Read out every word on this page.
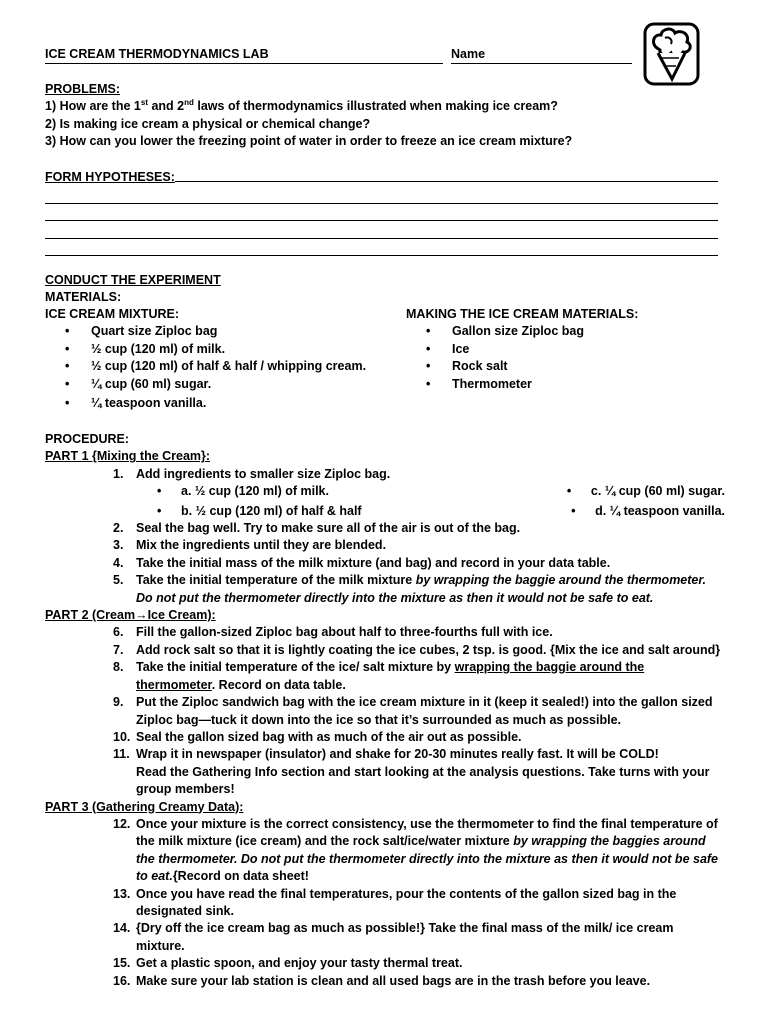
ICE CREAM THERMODYNAMICS LAB	Name
PROBLEMS:
1) How are the 1st and 2nd laws of thermodynamics illustrated when making ice cream?
2) Is making ice cream a physical or chemical change?
3) How can you lower the freezing point of water in order to freeze an ice cream mixture?
FORM HYPOTHESES:
CONDUCT THE EXPERIMENT
MATERIALS:
ICE CREAM MIXTURE:
• Quart size Ziploc bag
• ½ cup (120 ml) of milk.
• ½ cup (120 ml) of half & half / whipping cream.
• ¼ cup (60 ml) sugar.
• ¼ teaspoon vanilla.
MAKING THE ICE CREAM MATERIALS:
• Gallon size Ziploc bag
• Ice
• Rock salt
• Thermometer
PROCEDURE:
PART 1 {Mixing the Cream}:
1.	Add ingredients to smaller size Ziploc bag.
• a. ½ cup (120 ml) of milk.	• c. ¼ cup (60 ml) sugar.
• b. ½ cup (120 ml) of half & half	• d. ¼ teaspoon vanilla.
2.	Seal the bag well. Try to make sure all of the air is out of the bag.
3.	Mix the ingredients until they are blended.
4.	Take the initial mass of the milk mixture (and bag) and record in your data table.
5.	Take the initial temperature of the milk mixture by wrapping the baggie around the thermometer. Do not put the thermometer directly into the mixture as then it would not be safe to eat.
PART 2 (Cream→Ice Cream):
6.	Fill the gallon-sized Ziploc bag about half to three-fourths full with ice.
7.	Add rock salt so that it is lightly coating the ice cubes, 2 tsp. is good. {Mix the ice and salt around}
8.	Take the initial temperature of the ice/ salt mixture by wrapping the baggie around the thermometer. Record on data table.
9.	Put the Ziploc sandwich bag with the ice cream mixture in it (keep it sealed!) into the gallon sized Ziploc bag—tuck it down into the ice so that it’s surrounded as much as possible.
10. Seal the gallon sized bag with as much of the air out as possible.
11. Wrap it in newspaper (insulator) and shake for 20-30 minutes really fast. It will be COLD!
Read the Gathering Info section and start looking at the analysis questions. Take turns with your group members!
PART 3 (Gathering Creamy Data):
12. Once your mixture is the correct consistency, use the thermometer to find the final temperature of the milk mixture (ice cream) and the rock salt/ice/water mixture by wrapping the baggies around the thermometer. Do not put the thermometer directly into the mixture as then it would not be safe to eat.{Record on data sheet!
13. Once you have read the final temperatures, pour the contents of the gallon sized bag in the designated sink.
14. {Dry off the ice cream bag as much as possible!} Take the final mass of the milk/ ice cream mixture.
15. Get a plastic spoon, and enjoy your tasty thermal treat.
16. Make sure your lab station is clean and all used bags are in the trash before you leave.
